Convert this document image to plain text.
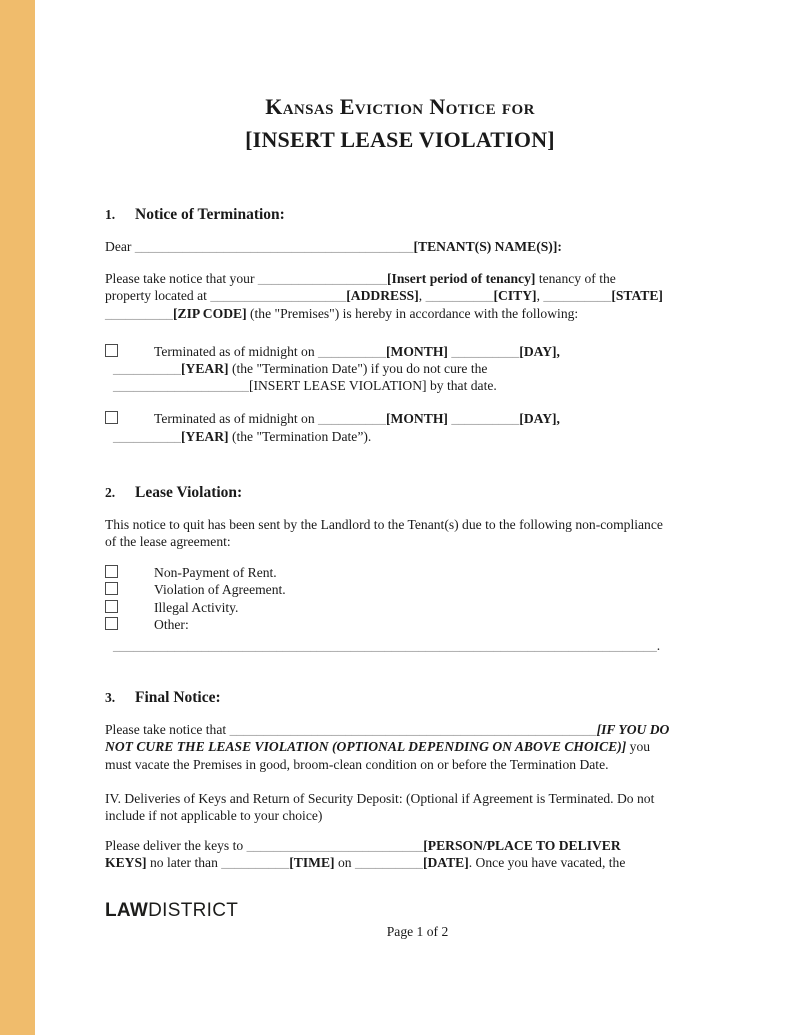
Kansas Eviction Notice for
[INSERT LEASE VIOLATION]
1. Notice of Termination:
Dear _________________________________________[TENANT(S) NAME(S)]:
Please take notice that your ___________________[Insert period of tenancy] tenancy of the
property located at ____________________[ADDRESS], __________[CITY], __________[STATE]
__________[ZIP CODE] (the "Premises") is hereby in accordance with the following:
Terminated as of midnight on __________[MONTH] __________[DAY],
__________[YEAR] (the "Termination Date") if you do not cure the
____________________[INSERT LEASE VIOLATION] by that date.
Terminated as of midnight on __________[MONTH] __________[DAY],
__________[YEAR] (the "Termination Date”).
2. Lease Violation:
This notice to quit has been sent by the Landlord to the Tenant(s) due to the following non-compliance
of the lease agreement:
Non-Payment of Rent.
Violation of Agreement.
Illegal Activity.
Other:
________________________________________________________________________________.
3. Final Notice:
Please take notice that ______________________________________________________[IF YOU DO
NOT CURE THE LEASE VIOLATION (OPTIONAL DEPENDING ON ABOVE CHOICE)] you
must vacate the Premises in good, broom-clean condition on or before the Termination Date.
IV. Deliveries of Keys and Return of Security Deposit: (Optional if Agreement is Terminated. Do not
include if not applicable to your choice)
Please deliver the keys to __________________________[PERSON/PLACE TO DELIVER
KEYS] no later than __________[TIME] on __________[DATE]. Once you have vacated, the
LAWDISTRICT
Page 1 of 2
